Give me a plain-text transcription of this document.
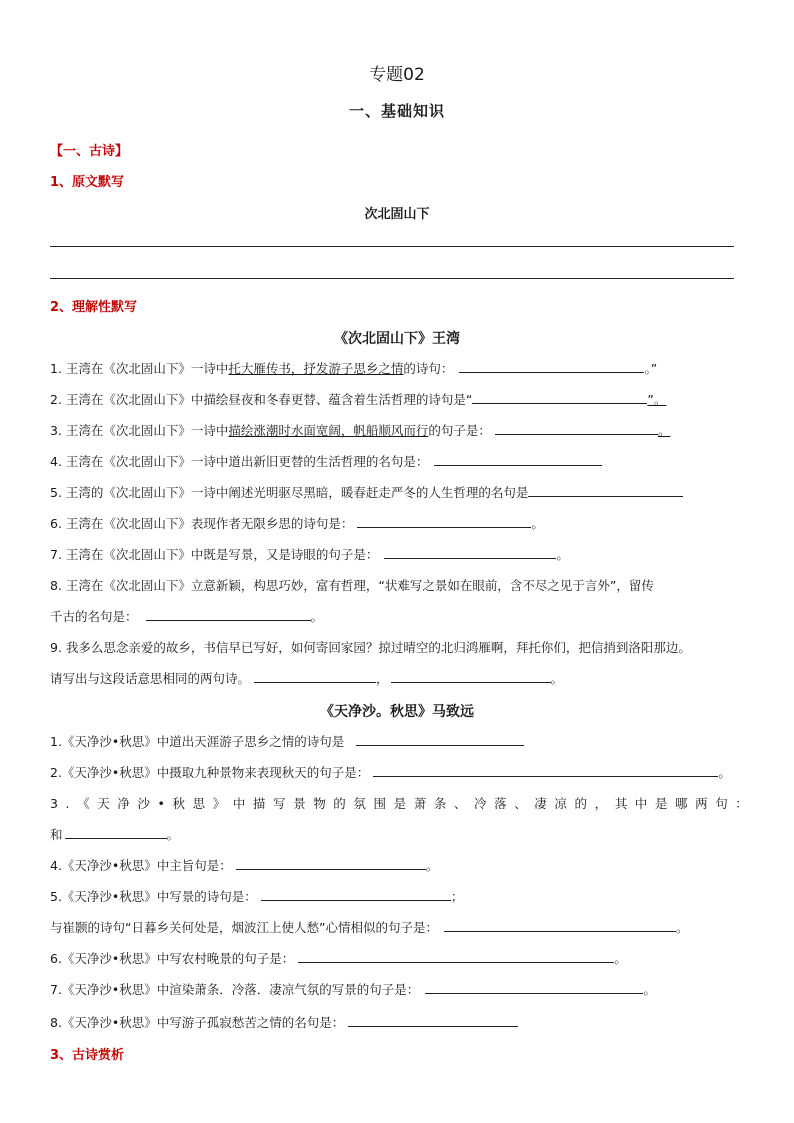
专题02
一、基础知识
【一、古诗】
1、原文默写
次北固山下
2、理解性默写
《次北固山下》王湾
1. 王湾在《次北固山下》一诗中托大雁传书，抒发游子思乡之情的诗句：	。”
2. 王湾在《次北固山下》中描绘昼夜和冬春更替、蕴含着生活哲理的诗句是“	”。
3. 王湾在《次北固山下》一诗中描绘涨潮时水面宽阔，帆船顺风而行的句子是：	。
4. 王湾在《次北固山下》一诗中道出新旧更替的生活哲理的名句是：
5. 王湾的《次北固山下》一诗中阐述光明驱尽黑暗，暖春赶走严冬的人生哲理的名句是
6. 王湾在《次北固山下》表现作者无限乡思的诗句是：	。
7. 王湾在《次北固山下》中既是写景，又是诗眼的句子是：	。
8. 王湾在《次北固山下》立意新颖，构思巧妙，富有哲理，“状难写之景如在眼前，含不尽之见于言外”，留传
千古的名句是：	。
9. 我多么思念亲爱的故乡，书信早已写好，如何寄回家园？掠过晴空的北归鸿雁啊，拜托你们，把信捎到洛阳那边。
请写出与这段话意思相同的两句诗。	，	。
《天净沙。秋思》马致远
1.《天净沙•秋思》中道出天涯游子思乡之情的诗句是
2.《天净沙•秋思》中摄取九种景物来表现秋天的句子是：	。
3.《天净沙•秋思》中描写景物的氛围是萧条、冷落、凄凉的，其中是哪两句：
和	。
4.《天净沙•秋思》中主旨句是：	。
5.《天净沙•秋思》中写景的诗句是：	；
与崔颢的诗句“日暮乡关何处是，烟波江上使人愁”心情相似的句子是：	。
6.《天净沙•秋思》中写农村晚景的句子是：	。
7.《天净沙•秋思》中渲染萧条．冷落．凄凉气氛的写景的句子是：	。
8.《天净沙•秋思》中写游子孤寂愁苦之情的名句是：
3、古诗赏析
